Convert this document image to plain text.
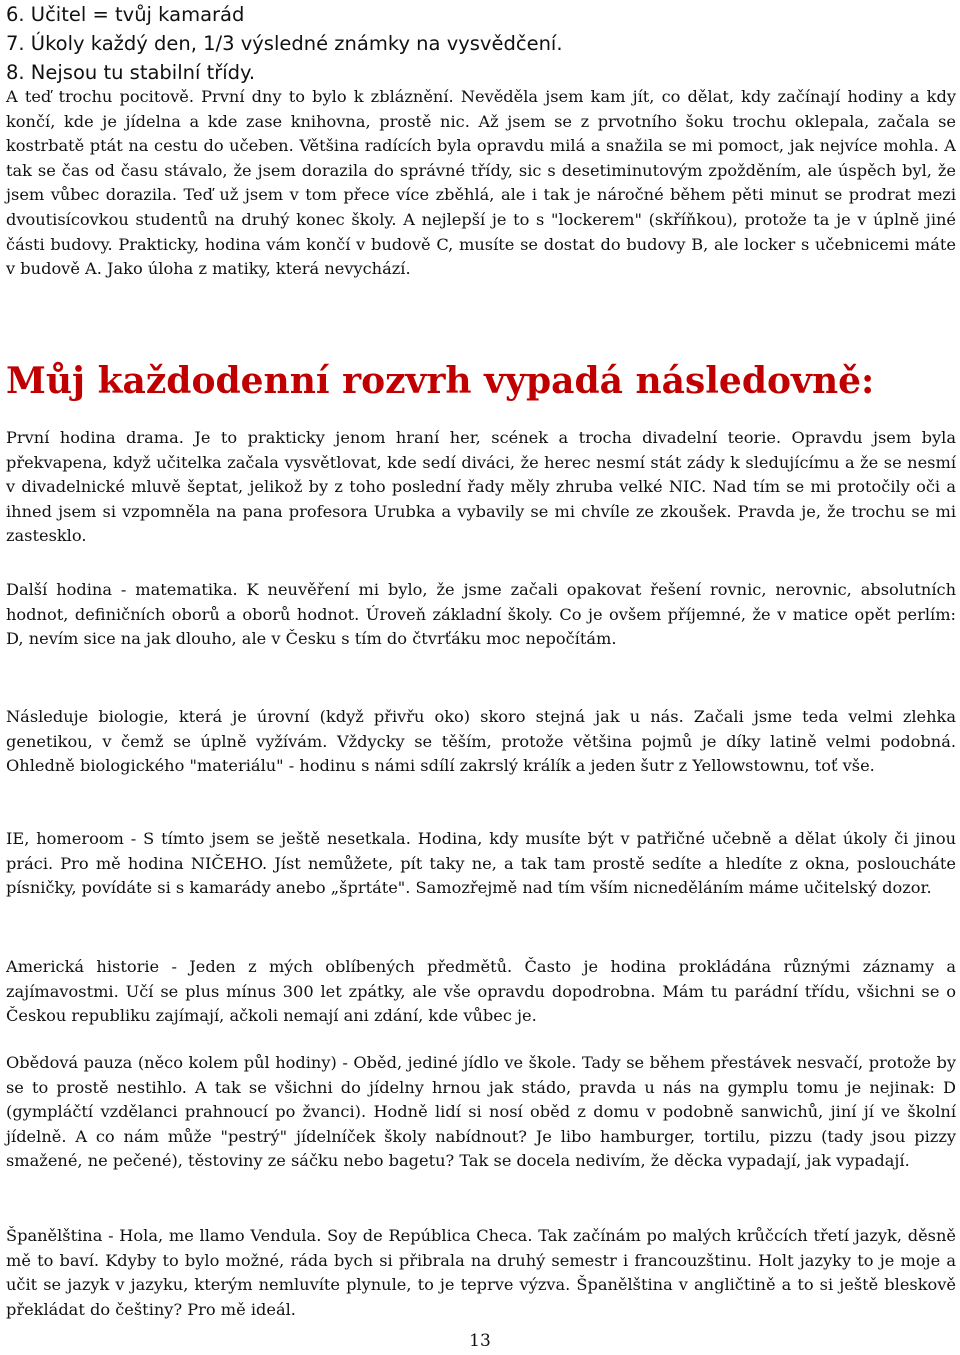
6. Učitel = tvůj kamarád

7. Úkoly každý den, 1/3 výsledné známky na vysvědčení.

8. Nejsou tu stabilní třídy.

A teď trochu pocitově. První dny to bylo k zbláznění. Nevěděla jsem kam jít, co dělat, kdy začínají hodiny a kdy končí, kde je jídelna a kde zase knihovna, prostě nic. Až jsem se z prvotního šoku trochu oklepala, začala se kostrbatě ptát na cestu do učeben. Většina radících byla opravdu milá a snažila se mi pomoct, jak nejvíce mohla. A tak se čas od času stávalo, že jsem dorazila do správné třídy, sic s desetiminutovým zpožděním, ale úspěch byl, že jsem vůbec dorazila. Teď už jsem v tom přece více zběhlá, ale i tak je náročné během pěti minut se prodrat mezi dvoutisícovkou studentů na druhý konec školy. A nejlepší je to s "lockerem" (skříňkou), protože ta je v úplně jiné části budovy. Prakticky, hodina vám končí v budově C, musíte se dostat do budovy B, ale locker s učebnicemi máte v budově A. Jako úloha z matiky, která nevychází.

Můj každodenní rozvrh vypadá následovně:

První hodina drama. Je to prakticky jenom hraní her, scének a trocha divadelní teorie. Opravdu jsem byla překvapena, když učitelka začala vysvětlovat, kde sedí diváci, že herec nesmí stát zády k sledujícímu a že se nesmí v divadelnické mluvě šeptat, jelikož by z toho poslední řady měly zhruba velké NIC. Nad tím se mi protočily oči a ihned jsem si vzpomněla na pana profesora Urubka a vybavily se mi chvíle ze zkoušek. Pravda je, že trochu se mi zastesklo.

Další hodina - matematika. K neuvěření mi bylo, že jsme začali opakovat řešení rovnic, nerovnic, absolutních hodnot, definičních oborů a oborů hodnot. Úroveň základní školy. Co je ovšem příjemné, že v matice opět perlím: D, nevím sice na jak dlouho, ale v Česku s tím do čtvrťáku moc nepočítám.

Následuje biologie, která je úrovní (když přivřu oko) skoro stejná jak u nás. Začali jsme teda velmi zlehka genetikou, v čemž se úplně vyžívám. Vždycky se těším, protože většina pojmů je díky latině velmi podobná. Ohledně biologického "materiálu" - hodinu s námi sdílí zakrslý králík a jeden šutr z Yellowstownu, toť vše.

IE, homeroom - S tímto jsem se ještě nesetkala. Hodina, kdy musíte být v patřičné učebně a dělat úkoly či jinou práci. Pro mě hodina NIČEHO. Jíst nemůžete, pít taky ne, a tak tam prostě sedíte a hledíte z okna, posloucháte písničky, povídáte si s kamarády anebo „šprtáte". Samozřejmě nad tím vším nicneděláním máme učitelský dozor.

Americká historie - Jeden z mých oblíbených předmětů. Často je hodina prokládána různými záznamy a zajímavostmi. Učí se plus mínus 300 let zpátky, ale vše opravdu dopodrobna. Mám tu parádní třídu, všichni se o Českou republiku zajímají, ačkoli nemají ani zdání, kde vůbec je.

Obědová pauza (něco kolem půl hodiny) - Oběd, jediné jídlo ve škole. Tady se během přestávek nesvačí, protože by se to prostě nestihlo. A tak se všichni do jídelny hrnou jak stádo, pravda u nás na gymplu tomu je nejinak: D (gympláčtí vzdělanci prahnoucí po žvanci). Hodně lidí si nosí oběd z domu v podobně sanwichů, jiní jí ve školní jídelně. A co nám může "pestrý" jídelníček školy nabídnout? Je libo hamburger, tortilu, pizzu (tady jsou pizzy smažené, ne pečené), těstoviny ze sáčku nebo bagetu? Tak se docela nedivím, že děcka vypadají, jak vypadají.

Španělština - Hola, me llamo Vendula. Soy de República Checa. Tak začínám po malých krůčcích třetí jazyk, děsně mě to baví. Kdyby to bylo možné, ráda bych si přibrala na druhý semestr i francouzštinu. Holt jazyky to je moje a učit se jazyk v jazyku, kterým nemluvíte plynule, to je teprve výzva. Španělština v angličtině a to si ještě bleskově překládat do češtiny? Pro mě ideál.

13
